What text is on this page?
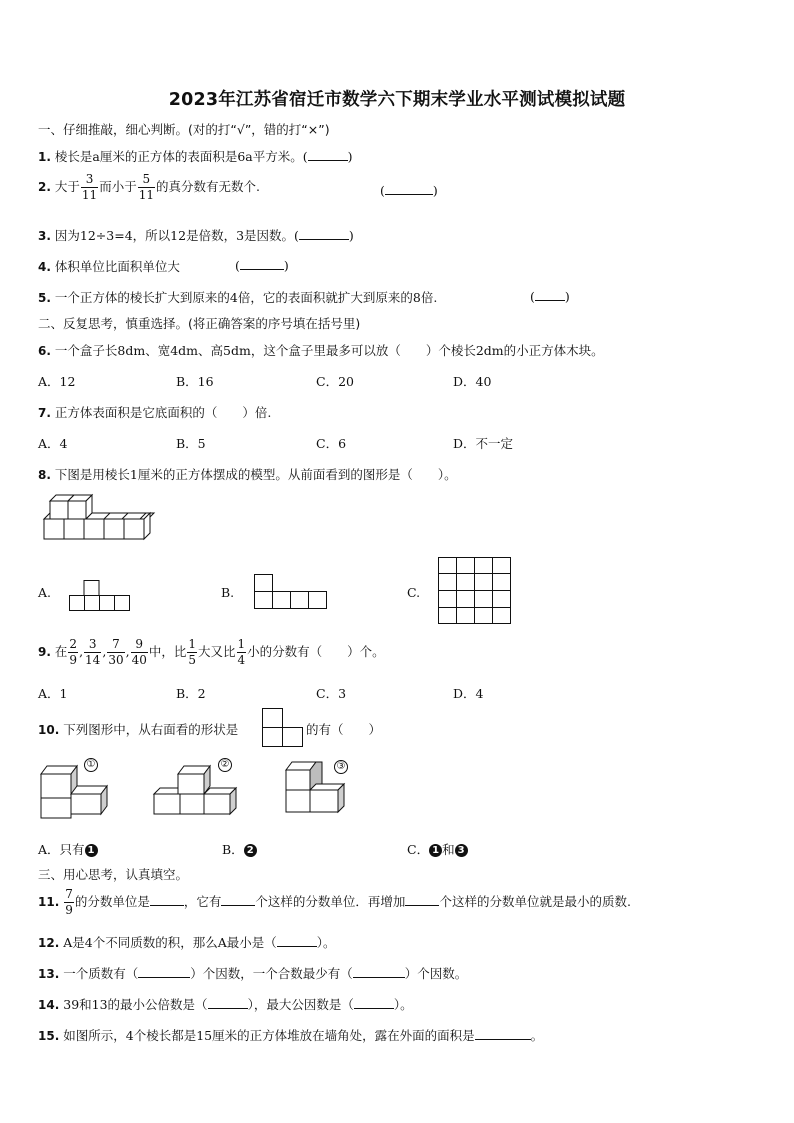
2023年江苏省宿迁市数学六下期末学业水平测试模拟试题
一、仔细推敲，细心判断。(对的打“√”，错的打“×”)
1. 棱长是a厘米的正方体的表面积是6a平方米。(	)
2. 大于 $\frac{3}{11}$ 而小于 $\frac{5}{11}$ 的真分数有无数个.	(	)
3. 因为12÷3=4，所以12是倍数，3是因数。(	)
4. 体积单位比面积单位大	(	)
5. 一个正方体的棱长扩大到原来的4倍，它的表面积就扩大到原来的8倍.	( )
二、反复思考，慎重选择。(将正确答案的序号填在括号里)
6. 一个盒子长8dm、宽4dm、高5dm，这个盒子里最多可以放（　　）个棱长2dm的小正方体木块。
A．12	B．16	C．20	D．40
7. 正方体表面积是它底面积的（　　）倍.
A．4	B．5	C．6	D．不一定
8. 下图是用棱长1厘米的正方体摆成的模型。从前面看到的图形是（　　）。
A.	B.	C.
9. 在 $\frac{2}{9}$ , $\frac{3}{14}$ , $\frac{7}{30}$ , $\frac{9}{40}$ 中，比 $\frac{1}{5}$ 大又比 $\frac{1}{4}$ 小的分数有（　　）个。
A．1	B．2	C．3	D．4
10. 下列图形中，从右面看的形状是	的有（　　）
①	②	③
A．只有 1	B． 2	C． 1 和 3
三、用心思考，认真填空。
11. $\frac{7}{9}$ 的分数单位是	，它有	个这样的分数单位．再增加	个这样的分数单位就是最小的质数.
12. A是4个不同质数的积，那么A最小是（	）。
13. 一个质数有（	）个因数，一个合数最少有（	）个因数。
14. 39和13的最小公倍数是（	），最大公因数是（	）。
15. 如图所示，4个棱长都是15厘米的正方体堆放在墙角处，露在外面的面积是	。
